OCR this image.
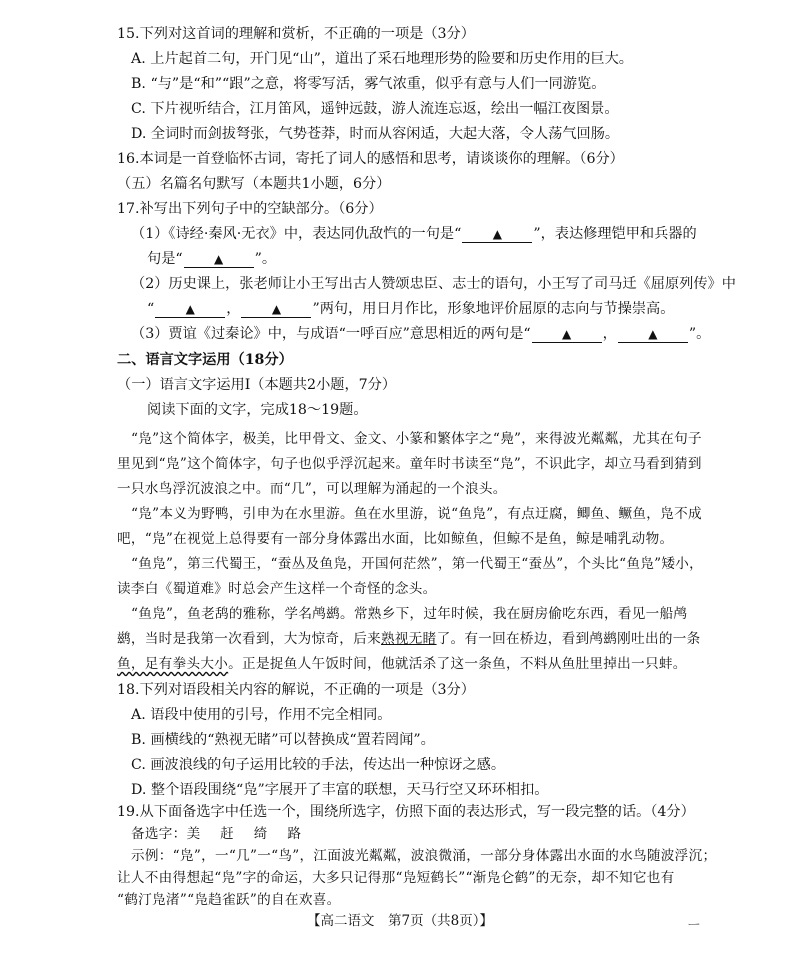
15.下列对这首词的理解和赏析，不正确的一项是（3分）
A. 上片起首二句，开门见“山”，道出了采石地理形势的险要和历史作用的巨大。
B. “与”是“和”“跟”之意，将零写活，雾气浓重，似乎有意与人们一同游览。
C. 下片视听结合，江月笛风，遥钟远鼓，游人流连忘返，绘出一幅江夜图景。
D. 全词时而剑拔弩张，气势苍莽，时而从容闲适，大起大落，令人荡气回肠。
16.本词是一首登临怀古词，寄托了词人的感悟和思考，请谈谈你的理解。（6分）
（五）名篇名句默写（本题共1小题，6分）
17.补写出下列句子中的空缺部分。（6分）
（1）《诗经·秦风·无衣》中，表达同仇敌忾的一句是“	▲ ”，表达修理铠甲和兵器的
句是“	▲ ”。
（2）历史课上，张老师让小王写出古人赞颂忠臣、志士的语句，小王写了司马迁《屈原列传》中
“	▲ ，	▲ ”两句，用日月作比，形象地评价屈原的志向与节操崇高。
（3）贾谊《过秦论》中，与成语“一呼百应”意思相近的两句是“	▲ ，	▲ ”。
二、语言文字运用（18分）
（一）语言文字运用Ⅰ（本题共2小题，7分）
阅读下面的文字，完成18～19题。
“凫”这个简体字，极美，比甲骨文、金文、小篆和繁体字之“鳧”，来得波光粼粼，尤其在句子
里见到“凫”这个简体字，句子也似乎浮沉起来。童年时书读至“凫”，不识此字，却立马看到猜到
一只水鸟浮沉波浪之中。而“几”，可以理解为涌起的一个浪头。
“凫”本义为野鸭，引申为在水里游。鱼在水里游，说“鱼凫”，有点迂腐，鲫鱼、鳜鱼，凫不成
吧，“凫”在视觉上总得要有一部分身体露出水面，比如鲸鱼，但鲸不是鱼，鲸是哺乳动物。
“鱼凫”，第三代蜀王，“蚕丛及鱼凫，开国何茫然”，第一代蜀王“蚕丛”，个头比“鱼凫”矮小，
读李白《蜀道难》时总会产生这样一个奇怪的念头。
“鱼凫”，鱼老鸹的雅称，学名鸬鹚。常熟乡下，过年时候，我在厨房偷吃东西，看见一船鸬
鹚，当时是我第一次看到，大为惊奇，后来熟视无睹了。有一回在桥边，看到鸬鹚刚吐出的一条
鱼，足有拳头大小。正是捉鱼人午饭时间，他就活杀了这一条鱼，不料从鱼肚里掉出一只蚌。
18.下列对语段相关内容的解说，不正确的一项是（3分）
A. 语段中使用的引号，作用不完全相同。
B. 画横线的“熟视无睹”可以替换成“置若罔闻”。
C. 画波浪线的句子运用比较的手法，传达出一种惊讶之感。
D. 整个语段围绕“凫”字展开了丰富的联想，天马行空又环环相扣。
19.从下面备选字中任选一个，围绕所选字，仿照下面的表达形式，写一段完整的话。（4分）
备选字：美赶绮路
示例：“凫”，一“几”一“鸟”，江面波光粼粼，波浪微涌，一部分身体露出水面的水鸟随波浮沉；
让人不由得想起“凫”字的命运，大多只记得那“凫短鹤长”“渐凫仑鹤”的无奈，却不知它也有
【高二语文　第7页（共8页）】	ㅡ
“鹤汀凫渚”“凫趋雀跃”的自在欢喜。
